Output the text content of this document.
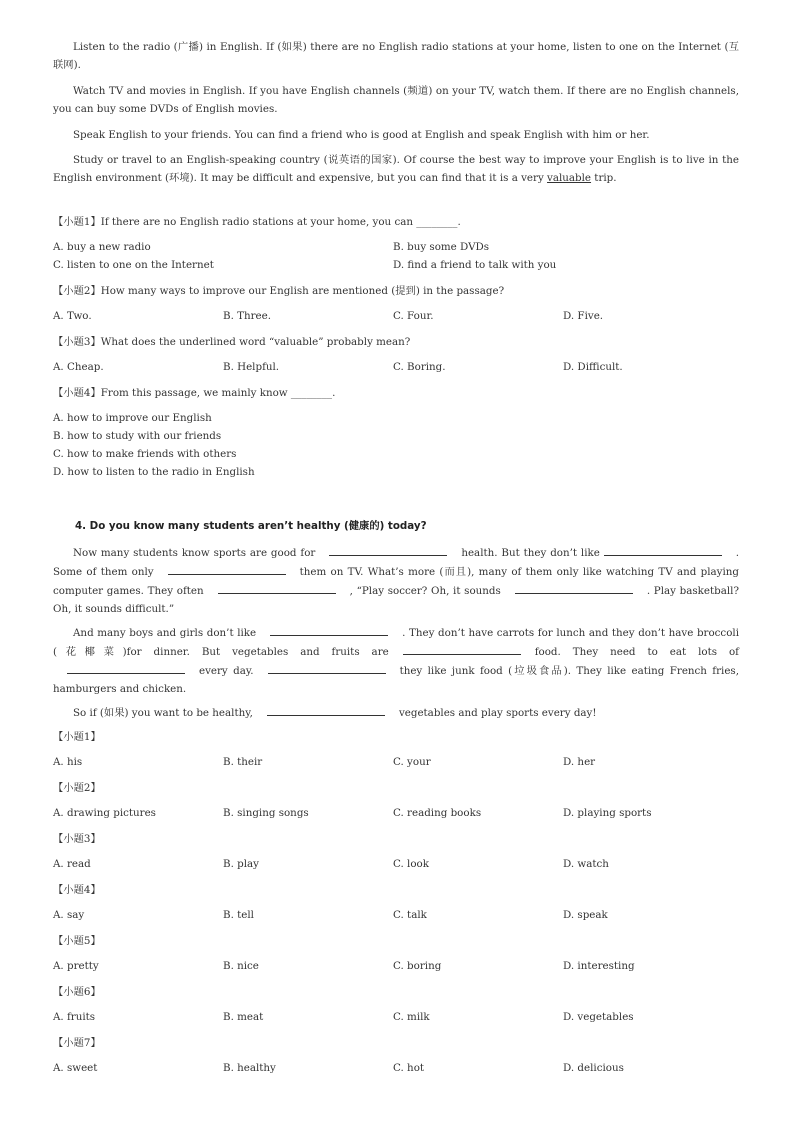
Listen to the radio (广播) in English. If (如果) there are no English radio stations at your home, listen to one on the Internet (互联网).

Watch TV and movies in English. If you have English channels (频道) on your TV, watch them. If there are no English channels, you can buy some DVDs of English movies.

Speak English to your friends. You can find a friend who is good at English and speak English with him or her.

Study or travel to an English-speaking country (说英语的国家). Of course the best way to improve your English is to live in the English environment (环境). It may be difficult and expensive, but you can find that it is a very valuable trip.

【小题1】If there are no English radio stations at your home, you can ________.
A. buy a new radio	B. buy some DVDs
C. listen to one on the Internet	D. find a friend to talk with you
【小题2】How many ways to improve our English are mentioned (提到) in the passage?
A. Two.	B. Three.	C. Four.	D. Five.
【小题3】What does the underlined word “valuable” probably mean?
A. Cheap.	B. Helpful.	C. Boring.	D. Difficult.
【小题4】From this passage, we mainly know ________.
A. how to improve our English
B. how to study with our friends
C. how to make friends with others
D. how to listen to the radio in English
4. Do you know many students aren’t healthy (健康的) today?

Now many students know sports are good for	health. But they don’t like	. Some of them only	them on TV. What’s more (而且), many of them only like watching TV and playing computer games. They often	, “Play soccer? Oh, it sounds	. Play basketball? Oh, it sounds difficult.”

And many boys and girls don’t like	. They don’t have carrots for lunch and they don’t have broccoli (花椰菜)for dinner. But vegetables and fruits are	food. They need to eat lots ofevery day.	they like junk food (垃圾食品). They like eating French fries, hamburgers and chicken.

So if (如果) you want to be healthy,	vegetables and play sports every day!

【小题1】
A. his	B. their	C. your	D. her
【小题2】
A. drawing pictures	B. singing songs	C. reading books	D. playing sports
【小题3】
A. read	B. play	C. look	D. watch
【小题4】
A. say	B. tell	C. talk	D. speak
【小题5】
A. pretty	B. nice	C. boring	D. interesting
【小题6】
A. fruits	B. meat	C. milk	D. vegetables
【小题7】
A. sweet	B. healthy	C. hot	D. delicious
